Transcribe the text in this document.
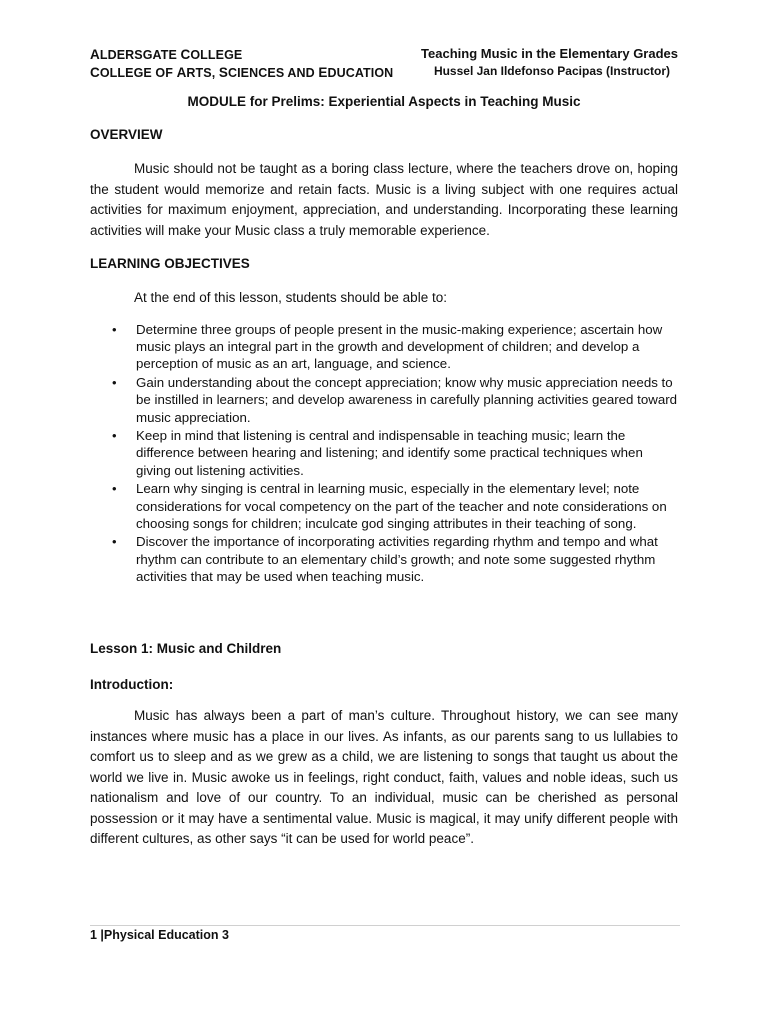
ALDERSGATE COLLEGE
COLLEGE OF ARTS, SCIENCES AND EDUCATION
Teaching Music in the Elementary Grades
Hussel Jan Ildefonso Pacipas (Instructor)
MODULE for Prelims: Experiential Aspects in Teaching Music
OVERVIEW

Music should not be taught as a boring class lecture, where the teachers drove on, hoping the student would memorize and retain facts. Music is a living subject with one requires actual activities for maximum enjoyment, appreciation, and understanding. Incorporating these learning activities will make your Music class a truly memorable experience.

LEARNING OBJECTIVES
At the end of this lesson, students should be able to:
• Determine three groups of people present in the music-making experience; ascertain how music plays an integral part in the growth and development of children; and develop a perception of music as an art, language, and science.
• Gain understanding about the concept appreciation; know why music appreciation needs to be instilled in learners; and develop awareness in carefully planning activities geared toward music appreciation.
• Keep in mind that listening is central and indispensable in teaching music; learn the difference between hearing and listening; and identify some practical techniques when giving out listening activities.
• Learn why singing is central in learning music, especially in the elementary level; note considerations for vocal competency on the part of the teacher and note considerations on choosing songs for children; inculcate god singing attributes in their teaching of song.
• Discover the importance of incorporating activities regarding rhythm and tempo and what rhythm can contribute to an elementary child’s growth; and note some suggested rhythm activities that may be used when teaching music.
Lesson 1: Music and Children
Introduction:

Music has always been a part of man’s culture. Throughout history, we can see many instances where music has a place in our lives. As infants, as our parents sang to us lullabies to comfort us to sleep and as we grew as a child, we are listening to songs that taught us about the world we live in. Music awoke us in feelings, right conduct, faith, values and noble ideas, such us nationalism and love of our country. To an individual, music can be cherished as personal possession or it may have a sentimental value. Music is magical, it may unify different people with different cultures, as other says “it can be used for world peace”.

1 |Physical Education 3
